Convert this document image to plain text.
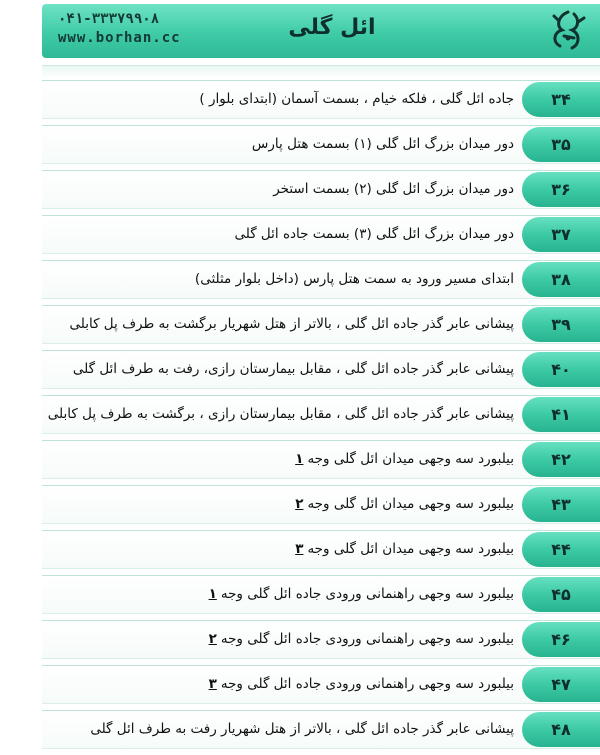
۰۴۱-۳۳۳۷۹۹۰۸
www.borhan.cc	ائل گلی
۳۴
جاده ائل گلی ، فلکه خیام ، بسمت آسمان (ابتدای بلوار )
۳۵
دور میدان بزرگ ائل گلی (۱) بسمت هتل پارس
۳۶
دور میدان بزرگ ائل گلی (۲) بسمت استخر
۳۷
دور میدان بزرگ ائل گلی (۳) بسمت جاده ائل گلی
۳۸
ابتدای مسیر ورود به سمت هتل پارس (داخل بلوار مثلثی)
۳۹
پیشانی عابر گذر جاده ائل گلی ، بالاتر از هتل شهریار برگشت به طرف پل کابلی
۴۰
پیشانی عابر گذر جاده ائل گلی ، مقابل بیمارستان رازی، رفت به طرف ائل گلی
۴۱
پیشانی عابر گذر جاده ائل گلی ، مقابل بیمارستان رازی ، برگشت به طرف پل کابلی
۴۲
بیلبورد سه وجهی میدان ائل گلی وجه۱
۴۳
بیلبورد سه وجهی میدان ائل گلی وجه۲
۴۴
بیلبورد سه وجهی میدان ائل گلی وجه۳
۴۵
بیلبورد سه وجهی راهنمانی ورودی جاده ائل گلی وجه۱
۴۶
بیلبورد سه وجهی راهنمانی ورودی جاده ائل گلی وجه۲
۴۷
بیلبورد سه وجهی راهنمانی ورودی جاده ائل گلی وجه۳
۴۸
پیشانی عابر گذر جاده ائل گلی ، بالاتر از هتل شهریار رفت به طرف ائل گلی
